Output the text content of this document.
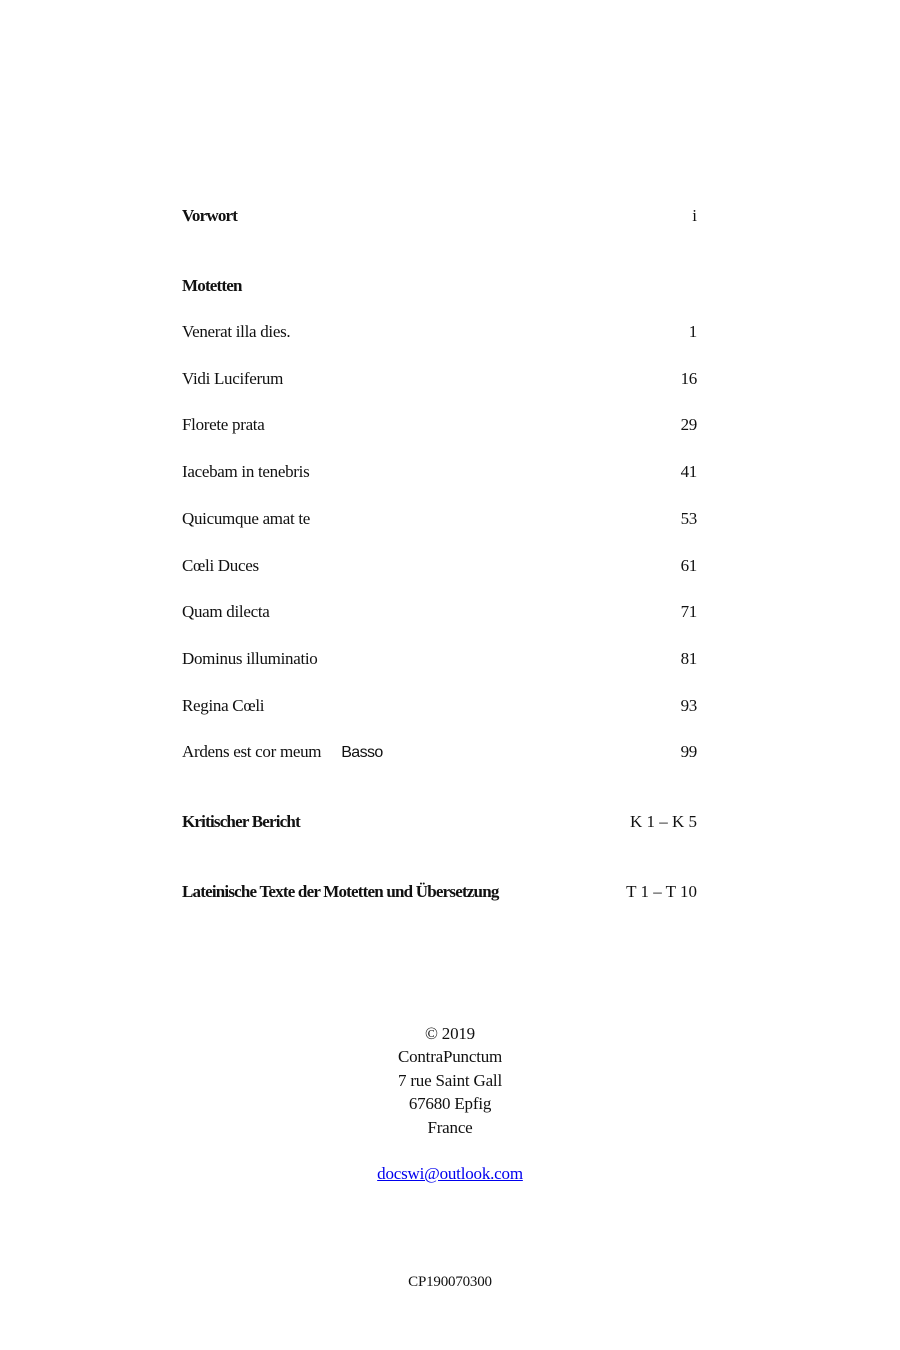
Vorwort	i
Motetten
Venerat illa dies.	1
Vidi Luciferum	16
Florete prata	29
Iacebam in tenebris	41
Quicumque amat te	53
Cœli Duces	61
Quam dilecta	71
Dominus illuminatio	81
Regina Cœli	93
Ardens est cor meum Basso	99
Kritischer Bericht	K 1 – K 5
Lateinische Texte der Motetten und Übersetzung	T 1 – T 10
© 2019
ContraPunctum
7 rue Saint Gall
67680 Epfig
France
docswi@outlook.com
CP190070300
